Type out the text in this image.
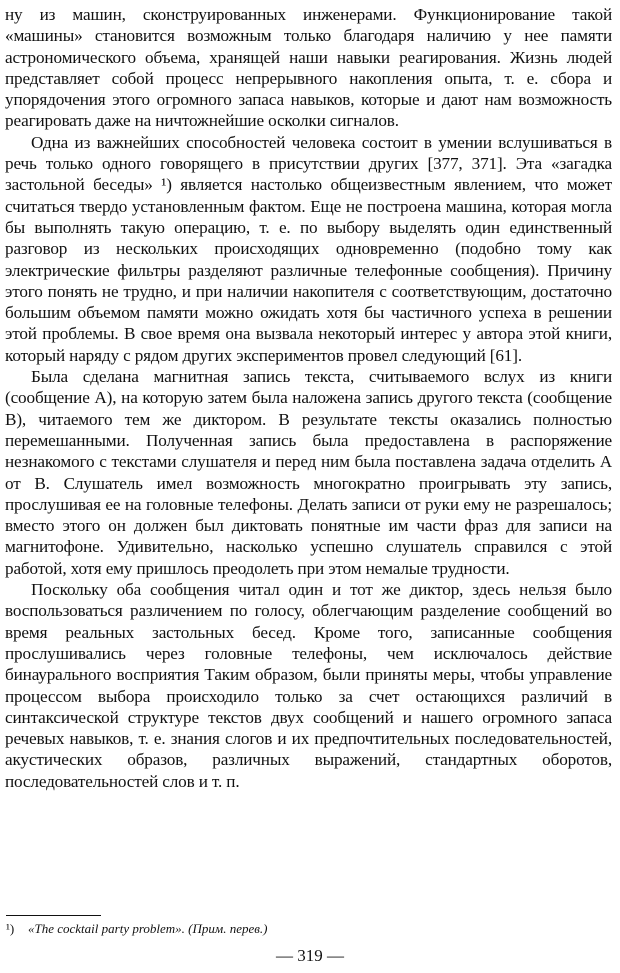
ну из машин, сконструированных инженерами. Функционирование такой «машины» становится возможным только благодаря наличию у нее памяти астрономического объема, хранящей наши навыки реагирования. Жизнь людей представляет собой процесс непрерывного накопления опыта, т. е. сбора и упорядочения этого огромного запаса навыков, которые и дают нам возможность реагировать даже на ничтожнейшие осколки сигналов.

Одна из важнейших способностей человека состоит в умении вслушиваться в речь только одного говорящего в присутствии других [377, 371]. Эта «загадка застольной беседы» ¹) является настолько общеизвестным явлением, что может считаться твердо установленным фактом. Еще не построена машина, которая могла бы выполнять такую операцию, т. е. по выбору выделять один единственный разговор из нескольких происходящих одновременно (подобно тому как электрические фильтры разделяют различные телефонные сообщения). Причину этого понять не трудно, и при наличии накопителя с соответствующим, достаточно большим объемом памяти можно ожидать хотя бы частичного успеха в решении этой проблемы. В свое время она вызвала некоторый интерес у автора этой книги, который наряду с рядом других экспериментов провел следующий [61].

Была сделана магнитная запись текста, считываемого вслух из книги (сообщение A), на которую затем была наложена запись другого текста (сообщение B), читаемого тем же диктором. В результате тексты оказались полностью перемешанными. Полученная запись была предоставлена в распоряжение незнакомого с текстами слушателя и перед ним была поставлена задача отделить A от B. Слушатель имел возможность многократно проигрывать эту запись, прослушивая ее на головные телефоны. Делать записи от руки ему не разрешалось; вместо этого он должен был диктовать понятные им части фраз для записи на магнитофоне. Удивительно, насколько успешно слушатель справился с этой работой, хотя ему пришлось преодолеть при этом немалые трудности.

Поскольку оба сообщения читал один и тот же диктор, здесь нельзя было воспользоваться различением по голосу, облегчающим разделение сообщений во время реальных застольных бесед. Кроме того, записанные сообщения прослушивались через головные телефоны, чем исключалось действие бинаурального восприятия Таким образом, были приняты меры, чтобы управление процессом выбора происходило только за счет остающихся различий в синтаксической структуре текстов двух сообщений и нашего огромного запаса речевых навыков, т. е. знания слогов и их предпочтительных последовательностей, акустических образов, различных выражений, стандартных оборотов, последовательностей слов и т. п.

¹) «The cocktail party problem». (Прим. перев.)
— 319 —
